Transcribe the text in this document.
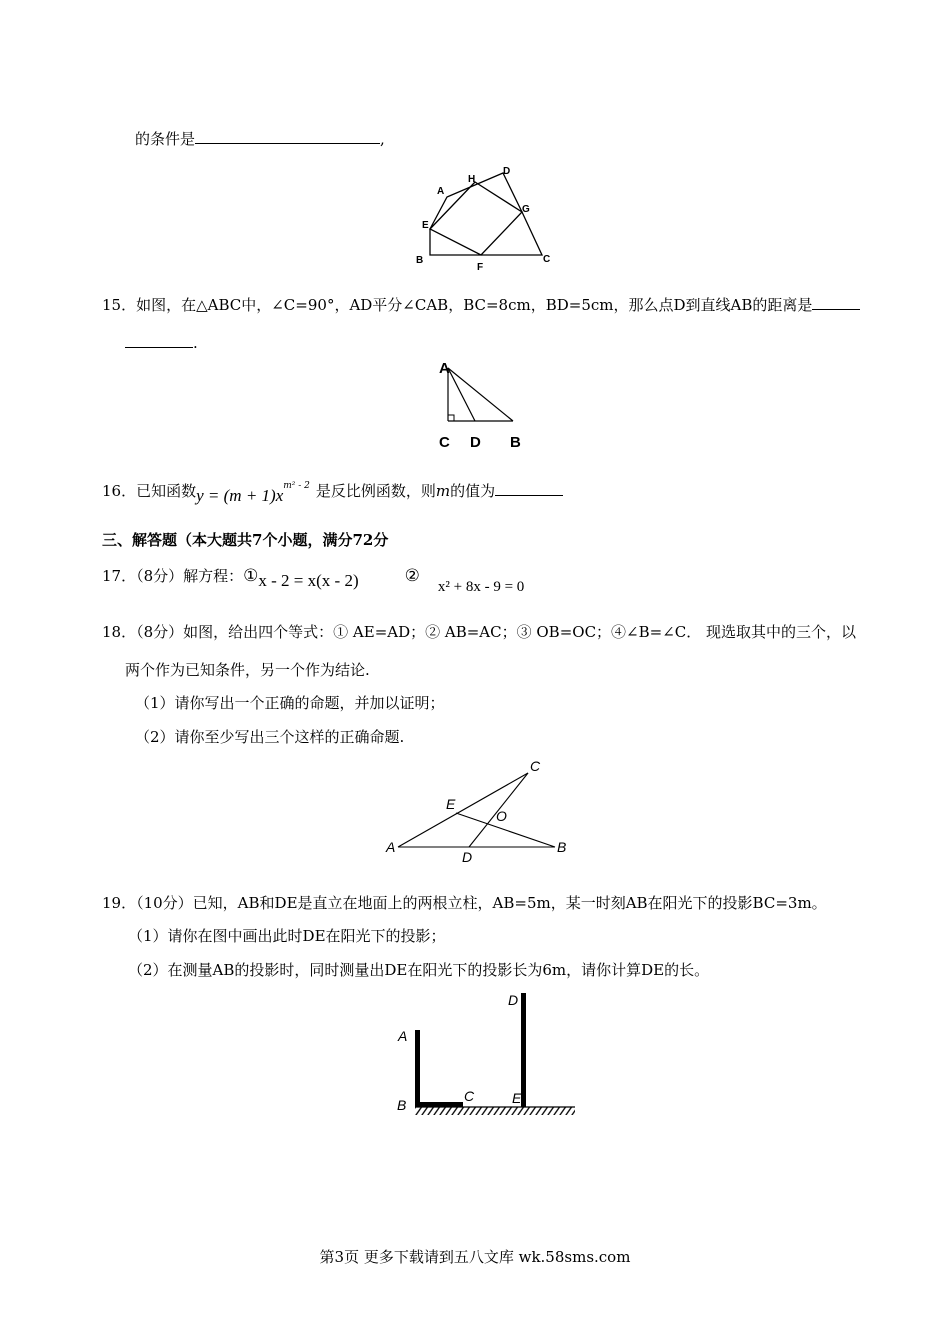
的条件是	,
A
H
D
E
G
B
F
C
15．如图，在△ABC中，∠C=90°，AD平分∠CAB，BC=8cm，BD=5cm，那么点D到直线AB的距离是
.
A
C D B
16．已知函数$y = (m + 1)x^{m^2 - 2}$ 是反比例函数，则m的值为
三、解答题（本大题共7个小题，满分72分
17．（8分）解方程：①x - 2 = x(x - 2)	②x² + 8x - 9 = 0
18．（8分）如图，给出四个等式：① AE=AD；② AB=AC；③ OB=OC；④∠B=∠C． 现选取其中的三个，以
两个作为已知条件，另一个作为结论.
（1）请你写出一个正确的命题，并加以证明；
（2）请你至少写出三个这样的正确命题.
C
E
O
A
D
B
19．（10分）已知，AB和DE是直立在地面上的两根立柱，AB=5m，某一时刻AB在阳光下的投影BC=3m。
（1）请你在图中画出此时DE在阳光下的投影；
（2）在测量AB的投影时，同时测量出DE在阳光下的投影长为6m，请你计算DE的长。
D
A
B
C	E
第3页 更多下载请到五八文库 wk.58sms.com
